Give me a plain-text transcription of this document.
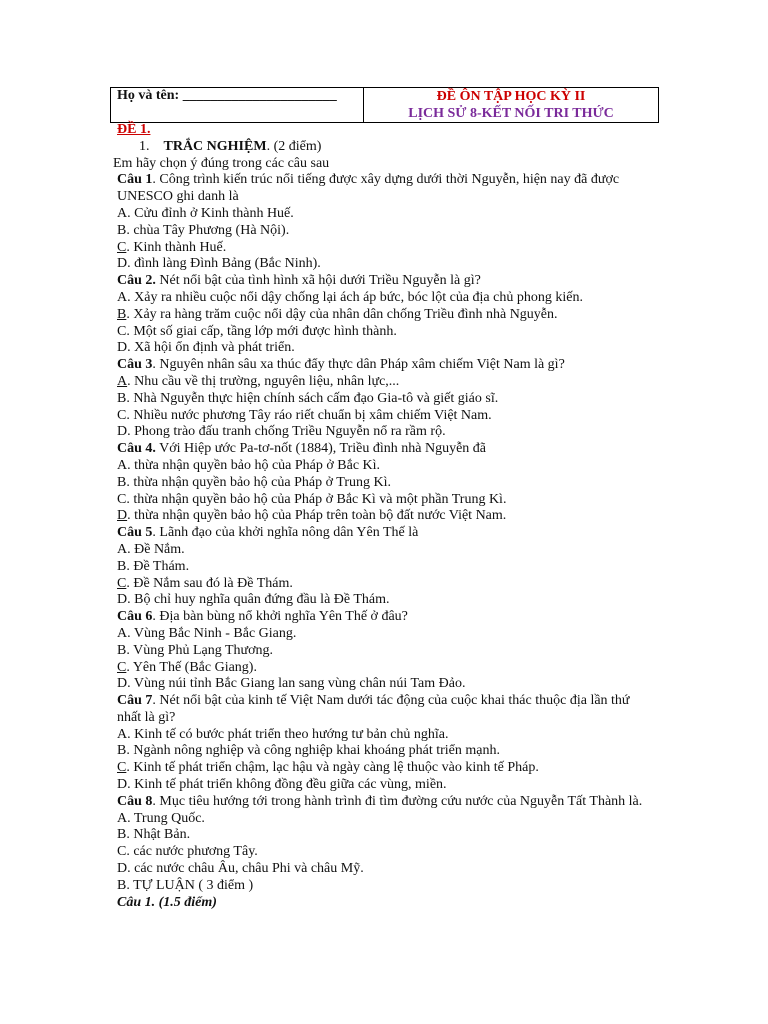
Họ và tên: ______________________	ĐỀ ÔN TẬP HỌC KỲ II
LỊCH SỬ 8-KẾT NỐI TRI THỨC
ĐỀ 1.
1. TRẮC NGHIỆM. (2 điểm)
Em hãy chọn ý đúng trong các câu sau
Câu 1. Công trình kiến trúc nổi tiếng được xây dựng dưới thời Nguyễn, hiện nay đã được UNESCO ghi danh là
A. Cửu đỉnh ở Kinh thành Huế.
B. chùa Tây Phương (Hà Nội).
C. Kinh thành Huế.
D. đình làng Đình Bảng (Bắc Ninh).
Câu 2. Nét nổi bật của tình hình xã hội dưới Triều Nguyễn là gì?
A. Xảy ra nhiều cuộc nổi dậy chống lại ách áp bức, bóc lột của địa chủ phong kiến.
B. Xảy ra hàng trăm cuộc nổi dậy của nhân dân chống Triều đình nhà Nguyễn.
C. Một số giai cấp, tầng lớp mới được hình thành.
D. Xã hội ổn định và phát triển.
Câu 3. Nguyên nhân sâu xa thúc đẩy thực dân Pháp xâm chiếm Việt Nam là gì?
A. Nhu cầu về thị trường, nguyên liệu, nhân lực,...
B. Nhà Nguyễn thực hiện chính sách cấm đạo Gia-tô và giết giáo sĩ.
C. Nhiều nước phương Tây ráo riết chuẩn bị xâm chiếm Việt Nam.
D. Phong trào đấu tranh chống Triều Nguyễn nổ ra rầm rộ.
Câu 4. Với Hiệp ước Pa-tơ-nốt (1884), Triều đình nhà Nguyễn đã
A. thừa nhận quyền bảo hộ của Pháp ở Bắc Kì.
B. thừa nhận quyền bảo hộ của Pháp ở Trung Kì.
C. thừa nhận quyền bảo hộ của Pháp ở Bắc Kì và một phần Trung Kì.
D. thừa nhận quyền bảo hộ của Pháp trên toàn bộ đất nước Việt Nam.
Câu 5. Lãnh đạo của khởi nghĩa nông dân Yên Thế là
A. Đề Nắm.
B. Đề Thám.
C. Đề Nắm sau đó là Đề Thám.
D. Bộ chỉ huy nghĩa quân đứng đầu là Đề Thám.
Câu 6. Địa bàn bùng nổ khởi nghĩa Yên Thế ở đâu?
A. Vùng Bắc Ninh - Bắc Giang.
B. Vùng Phủ Lạng Thương.
C. Yên Thế (Bắc Giang).
D. Vùng núi tỉnh Bắc Giang lan sang vùng chân núi Tam Đảo.
Câu 7. Nét nổi bật của kinh tế Việt Nam dưới tác động của cuộc khai thác thuộc địa lần thứ nhất là gì?
A. Kinh tế có bước phát triển theo hướng tư bản chủ nghĩa.
B. Ngành nông nghiệp và công nghiệp khai khoáng phát triển mạnh.
C. Kinh tế phát triển chậm, lạc hậu và ngày càng lệ thuộc vào kinh tế Pháp.
D. Kinh tế phát triển không đồng đều giữa các vùng, miền.
Câu 8. Mục tiêu hướng tới trong hành trình đi tìm đường cứu nước của Nguyễn Tất Thành là.
A. Trung Quốc.
B. Nhật Bản.
C. các nước phương Tây.
D. các nước châu Âu, châu Phi và châu Mỹ.
B. TỰ LUẬN ( 3 điểm )
Câu 1. (1.5 điểm)
